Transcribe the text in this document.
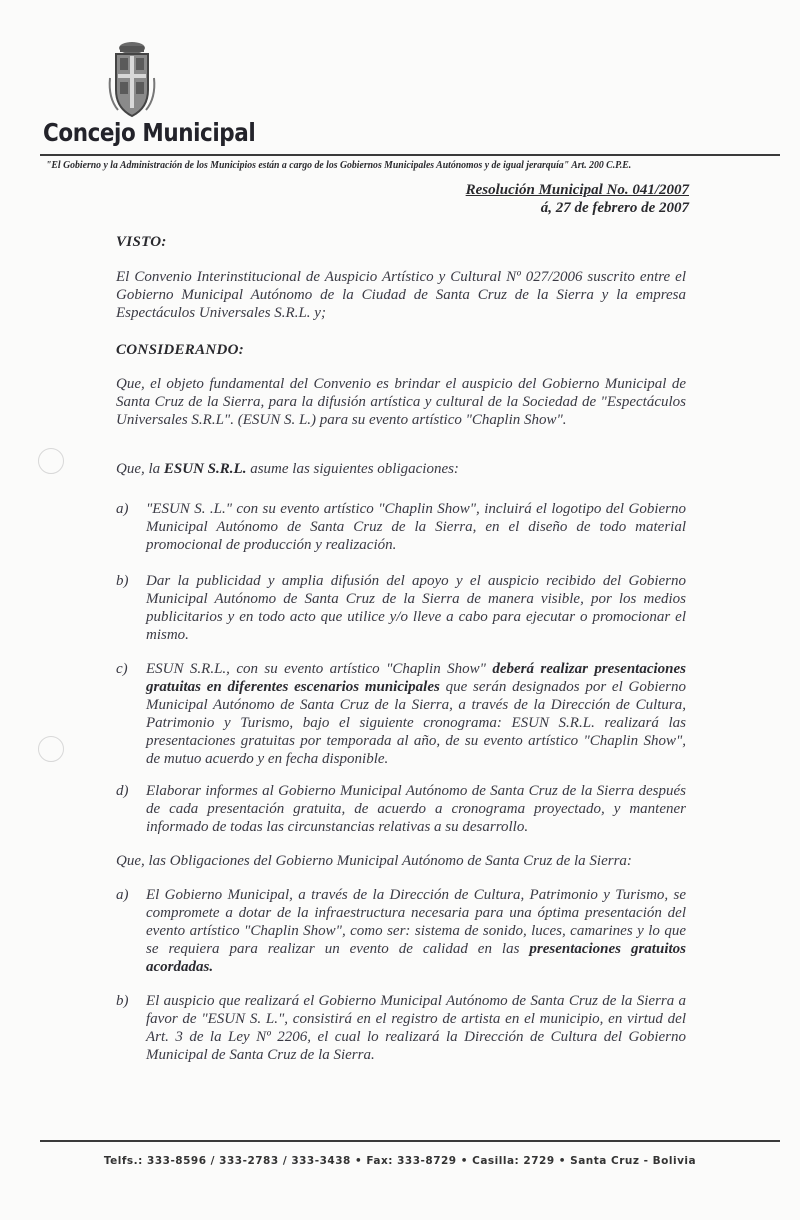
Concejo Municipal
"El Gobierno y la Administración de los Municipios están a cargo de los Gobiernos Municipales Autónomos y de igual jerarquía" Art. 200 C.P.E.
Resolución Municipal No. 041/2007
á, 27 de febrero de 2007
VISTO:
El Convenio Interinstitucional de Auspicio Artístico y Cultural Nº 027/2006 suscrito entre el Gobierno Municipal Autónomo de la Ciudad de Santa Cruz de la Sierra y la empresa Espectáculos Universales S.R.L. y;
CONSIDERANDO:
Que, el objeto fundamental del Convenio es brindar el auspicio del Gobierno Municipal de Santa Cruz de la Sierra, para la difusión artística y cultural de la Sociedad de "Espectáculos Universales S.R.L". (ESUN S. L.) para su evento artístico "Chaplin Show".
Que, la ESUN S.R.L. asume las siguientes obligaciones:
a) "ESUN S. .L." con su evento artístico "Chaplin Show", incluirá el logotipo del Gobierno Municipal Autónomo de Santa Cruz de la Sierra, en el diseño de todo material promocional de producción y realización.
b) Dar la publicidad y amplia difusión del apoyo y el auspicio recibido del Gobierno Municipal Autónomo de Santa Cruz de la Sierra de manera visible, por los medios publicitarios y en todo acto que utilice y/o lleve a cabo para ejecutar o promocionar el mismo.
c) ESUN S.R.L., con su evento artístico "Chaplin Show" deberá realizar presentaciones gratuitas en diferentes escenarios municipales que serán designados por el Gobierno Municipal Autónomo de Santa Cruz de la Sierra, a través de la Dirección de Cultura, Patrimonio y Turismo, bajo el siguiente cronograma: ESUN S.R.L. realizará las presentaciones gratuitas por temporada al año, de su evento artístico "Chaplin Show", de mutuo acuerdo y en fecha disponible.
d) Elaborar informes al Gobierno Municipal Autónomo de Santa Cruz de la Sierra después de cada presentación gratuita, de acuerdo a cronograma proyectado, y mantener informado de todas las circunstancias relativas a su desarrollo.
Que, las Obligaciones del Gobierno Municipal Autónomo de Santa Cruz de la Sierra:
a) El Gobierno Municipal, a través de la Dirección de Cultura, Patrimonio y Turismo, se compromete a dotar de la infraestructura necesaria para una óptima presentación del evento artístico "Chaplin Show", como ser: sistema de sonido, luces, camarines y lo que se requiera para realizar un evento de calidad en las presentaciones gratuitos acordadas.
b) El auspicio que realizará el Gobierno Municipal Autónomo de Santa Cruz de la Sierra a favor de "ESUN S. L.", consistirá en el registro de artista en el municipio, en virtud del Art. 3 de la Ley Nº 2206, el cual lo realizará la Dirección de Cultura del Gobierno Municipal de Santa Cruz de la Sierra.
Telfs.: 333-8596 / 333-2783 / 333-3438 • Fax: 333-8729 • Casilla: 2729 • Santa Cruz - Bolivia
